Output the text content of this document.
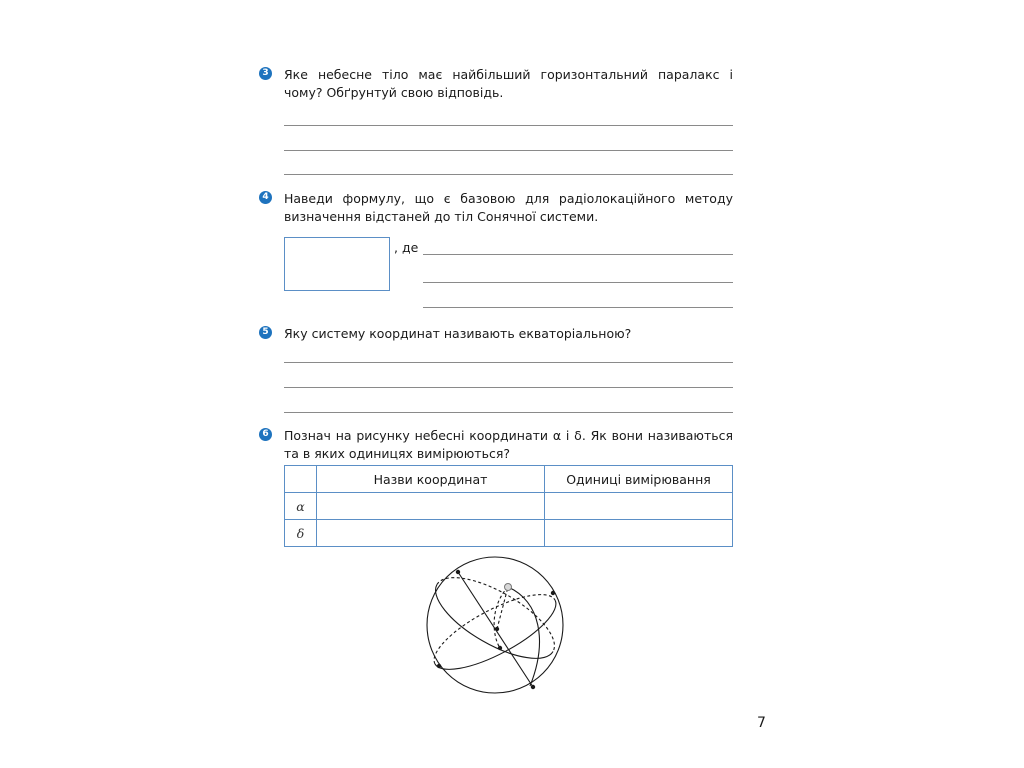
3 Яке небесне тіло має найбільший горизонтальний паралакс і чому? Обґрунтуй свою відповідь.
4 Наведи формулу, що є базовою для радіолокаційного методу визначення відстаней до тіл Сонячної системи.
, де
5 Яку систему координат називають екваторіальною?
6 Познач на рисунку небесні координати α і δ. Як вони називаються та в яких одиницях вимірюються?
	Назви координат	Одиниці вимірювання
α		
δ		
7
